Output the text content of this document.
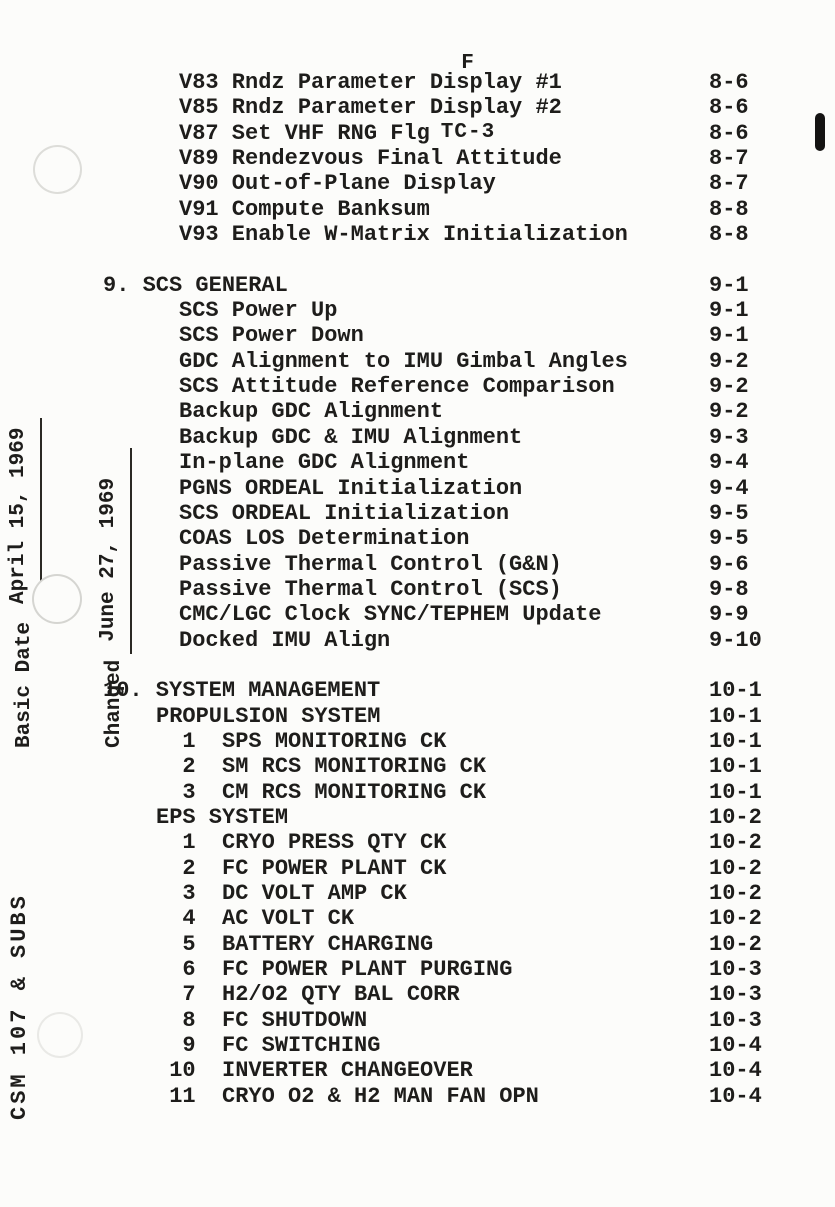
F

TC-3

V83 Rndz Parameter Display #1	8-6
V85 Rndz Parameter Display #2	8-6
V87 Set VHF RNG Flg	8-6
V89 Rendezvous Final Attitude	8-7
V90 Out-of-Plane Display	8-7
V91 Compute Banksum	8-8
V93 Enable W-Matrix Initialization	8-8
9. SCS GENERAL	9-1
SCS Power Up	9-1
SCS Power Down	9-1
GDC Alignment to IMU Gimbal Angles	9-2
SCS Attitude Reference Comparison	9-2
Backup GDC Alignment	9-2
Backup GDC & IMU Alignment	9-3
In-plane GDC Alignment	9-4
PGNS ORDEAL Initialization	9-4
SCS ORDEAL Initialization	9-5
COAS LOS Determination	9-5
Passive Thermal Control (G&N)	9-6
Passive Thermal Control (SCS)	9-8
CMC/LGC Clock SYNC/TEPHEM Update	9-9
Docked IMU Align	9-10
10. SYSTEM MANAGEMENT	10-1
PROPULSION SYSTEM	10-1
1  SPS MONITORING CK	10-1
2  SM RCS MONITORING CK	10-1
3  CM RCS MONITORING CK	10-1
EPS SYSTEM	10-2
1  CRYO PRESS QTY CK	10-2
2  FC POWER PLANT CK	10-2
3  DC VOLT AMP CK	10-2
4  AC VOLT CK	10-2
5  BATTERY CHARGING	10-2
6  FC POWER PLANT PURGING	10-3
7  H2/O2 QTY BAL CORR	10-3
8  FC SHUTDOWN	10-3
9  FC SWITCHING	10-4
10  INVERTER CHANGEOVER	10-4
11  CRYO O2 & H2 MAN FAN OPN	10-4

Basic DateApril 15, 1969

ChangedJune 27, 1969

CSM 107 & SUBS
